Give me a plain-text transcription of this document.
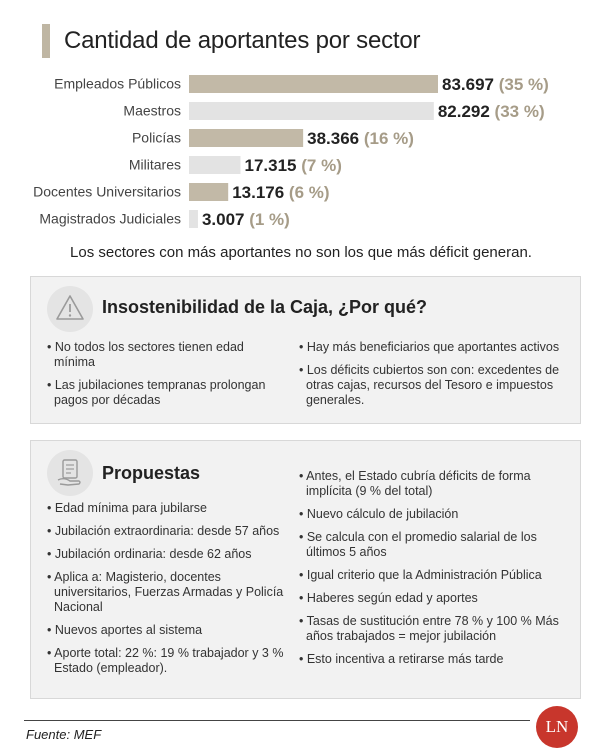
Cantidad de aportantes por sector
Empleados Públicos	83.697 (35 %)
Maestros	82.292 (33 %)
Policías	38.366 (16 %)
Militares	17.315 (7 %)
Docentes Universitarios	13.176 (6 %)
Magistrados Judiciales 3.007 (1 %)
Los sectores con más aportantes no son los que más déficit generan.
Insostenibilidad de la Caja, ¿Por qué?
• No todos los sectores tienen edad mínima
• Las jubilaciones tempranas prolongan pagos por décadas
• Hay más beneficiarios que aportantes activos
• Los déficits cubiertos son con: excedentes de otras cajas, recursos del Tesoro e impuestos generales.
Propuestas
• Edad mínima para jubilarse
• Jubilación extraordinaria: desde 57 años
• Jubilación ordinaria: desde 62 años
• Aplica a: Magisterio, docentes universitarios, Fuerzas Armadas y Policía Nacional
• Nuevos aportes al sistema
• Aporte total: 22 %: 19 % trabajador y 3 % Estado (empleador).
• Antes, el Estado cubría déficits de forma implícita (9 % del total)
• Nuevo cálculo de jubilación
• Se calcula con el promedio salarial de los últimos 5 años
• Igual criterio que la Administración Pública
• Haberes según edad y aportes
• Tasas de sustitución entre 78 % y 100 % Más años trabajados = mejor jubilación
• Esto incentiva a retirarse más tarde
Fuente: MEF	LN
